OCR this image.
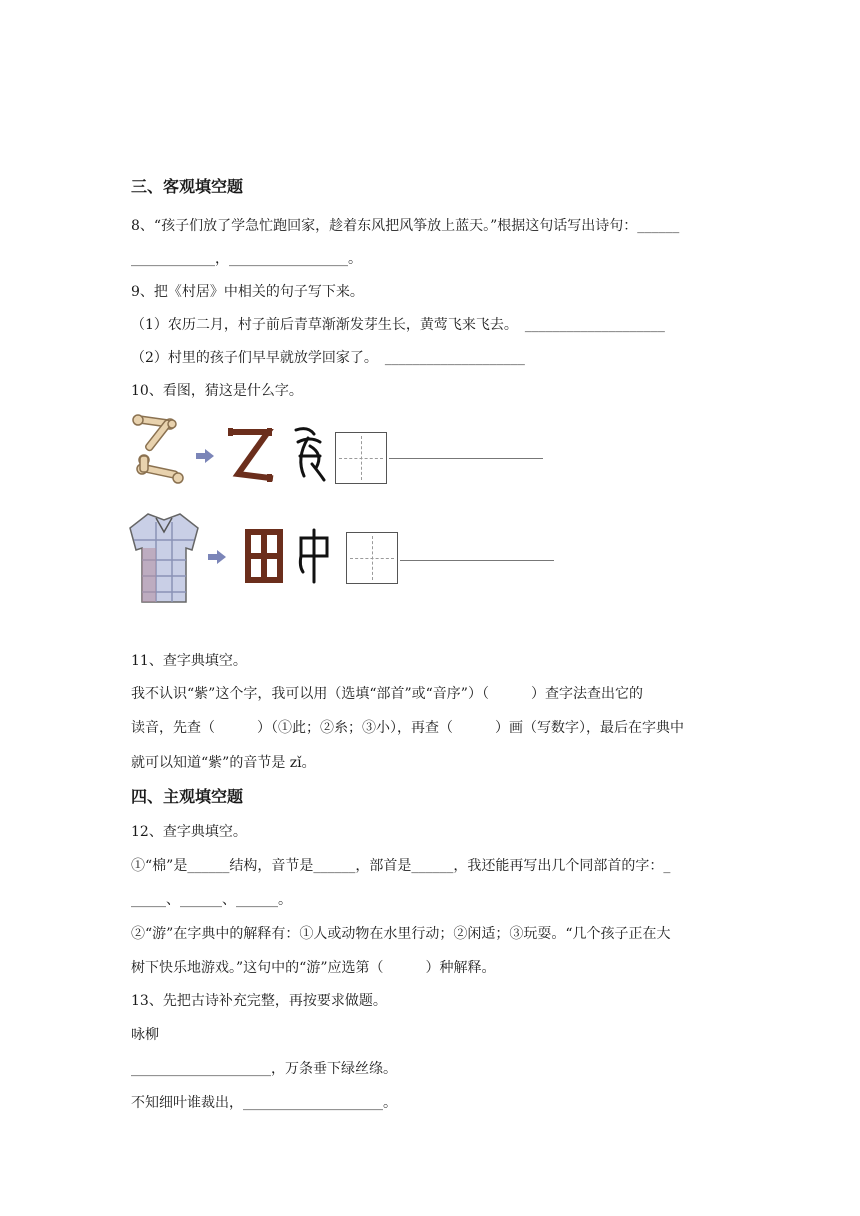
三、客观填空题
8、“孩子们放了学急忙跑回家，趁着东风把风筝放上蓝天。”根据这句话写出诗句：______
____________，_________________。
9、把《村居》中相关的句子写下来。
（1）农历二月，村子前后青草渐渐发芽生长，黄莺飞来飞去。　____________________
（2）村里的孩子们早早就放学回家了。　____________________
10、看图，猜这是什么字。
11、查字典填空。
我不认识“紫”这个字，我可以用（选填“部首”或“音序”）（　　　）查字法查出它的
读音，先查（　　　）（①此；②糸；③小），再查（　　　）画（写数字），最后在字典中
就可以知道“紫”的音节是 zǐ。
四、主观填空题
12、查字典填空。
①“棉”是______结构，音节是______，部首是______，我还能再写出几个同部首的字：_
_____、______、______。
②“游”在字典中的解释有：①人或动物在水里行动；②闲适；③玩耍。“几个孩子正在大
树下快乐地游戏。”这句中的“游”应选第（　　　）种解释。
13、先把古诗补充完整，再按要求做题。
咏柳
____________________，万条垂下绿丝绦。
不知细叶谁裁出，____________________。
